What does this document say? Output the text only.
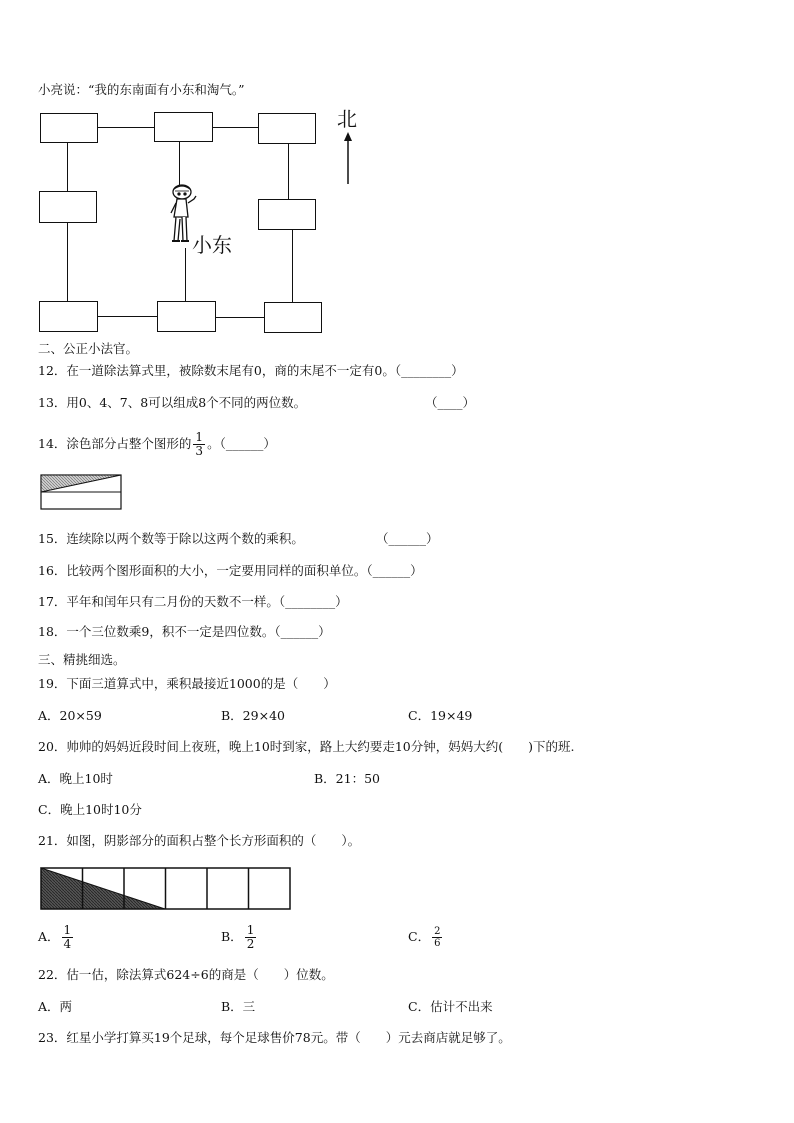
小亮说：“我的东南面有小东和淘气。”
小东
北
二、公正小法官。
12．在一道除法算式里，被除数末尾有0，商的末尾不一定有0。（________）
13．用0、4、7、8可以组成8个不同的两位数。	（____）
14．涂色部分占整个图形的 $\frac{1}{3}$ 。（______）
15．连续除以两个数等于除以这两个数的乘积。	（______）
16．比较两个图形面积的大小，一定要用同样的面积单位。（______）
17．平年和闰年只有二月份的天数不一样。（________）
18．一个三位数乘9，积不一定是四位数。（______）
三、精挑细选。
19．下面三道算式中，乘积最接近1000的是（　　）
A．20×59	B．29×40	C．19×49
20．帅帅的妈妈近段时间上夜班，晚上10时到家，路上大约要走10分钟，妈妈大约(　　)下的班.
A．晚上10时	B．21：50
C．晚上10时10分
21．如图，阴影部分的面积占整个长方形面积的（　　）。
A． $\frac{1}{4}$	B． $\frac{1}{2}$	C． $\frac{2}{6}$
22．估一估，除法算式624÷6的商是（　　）位数。
A．两	B．三	C．估计不出来
23．红星小学打算买19个足球，每个足球售价78元。带（　　）元去商店就足够了。
